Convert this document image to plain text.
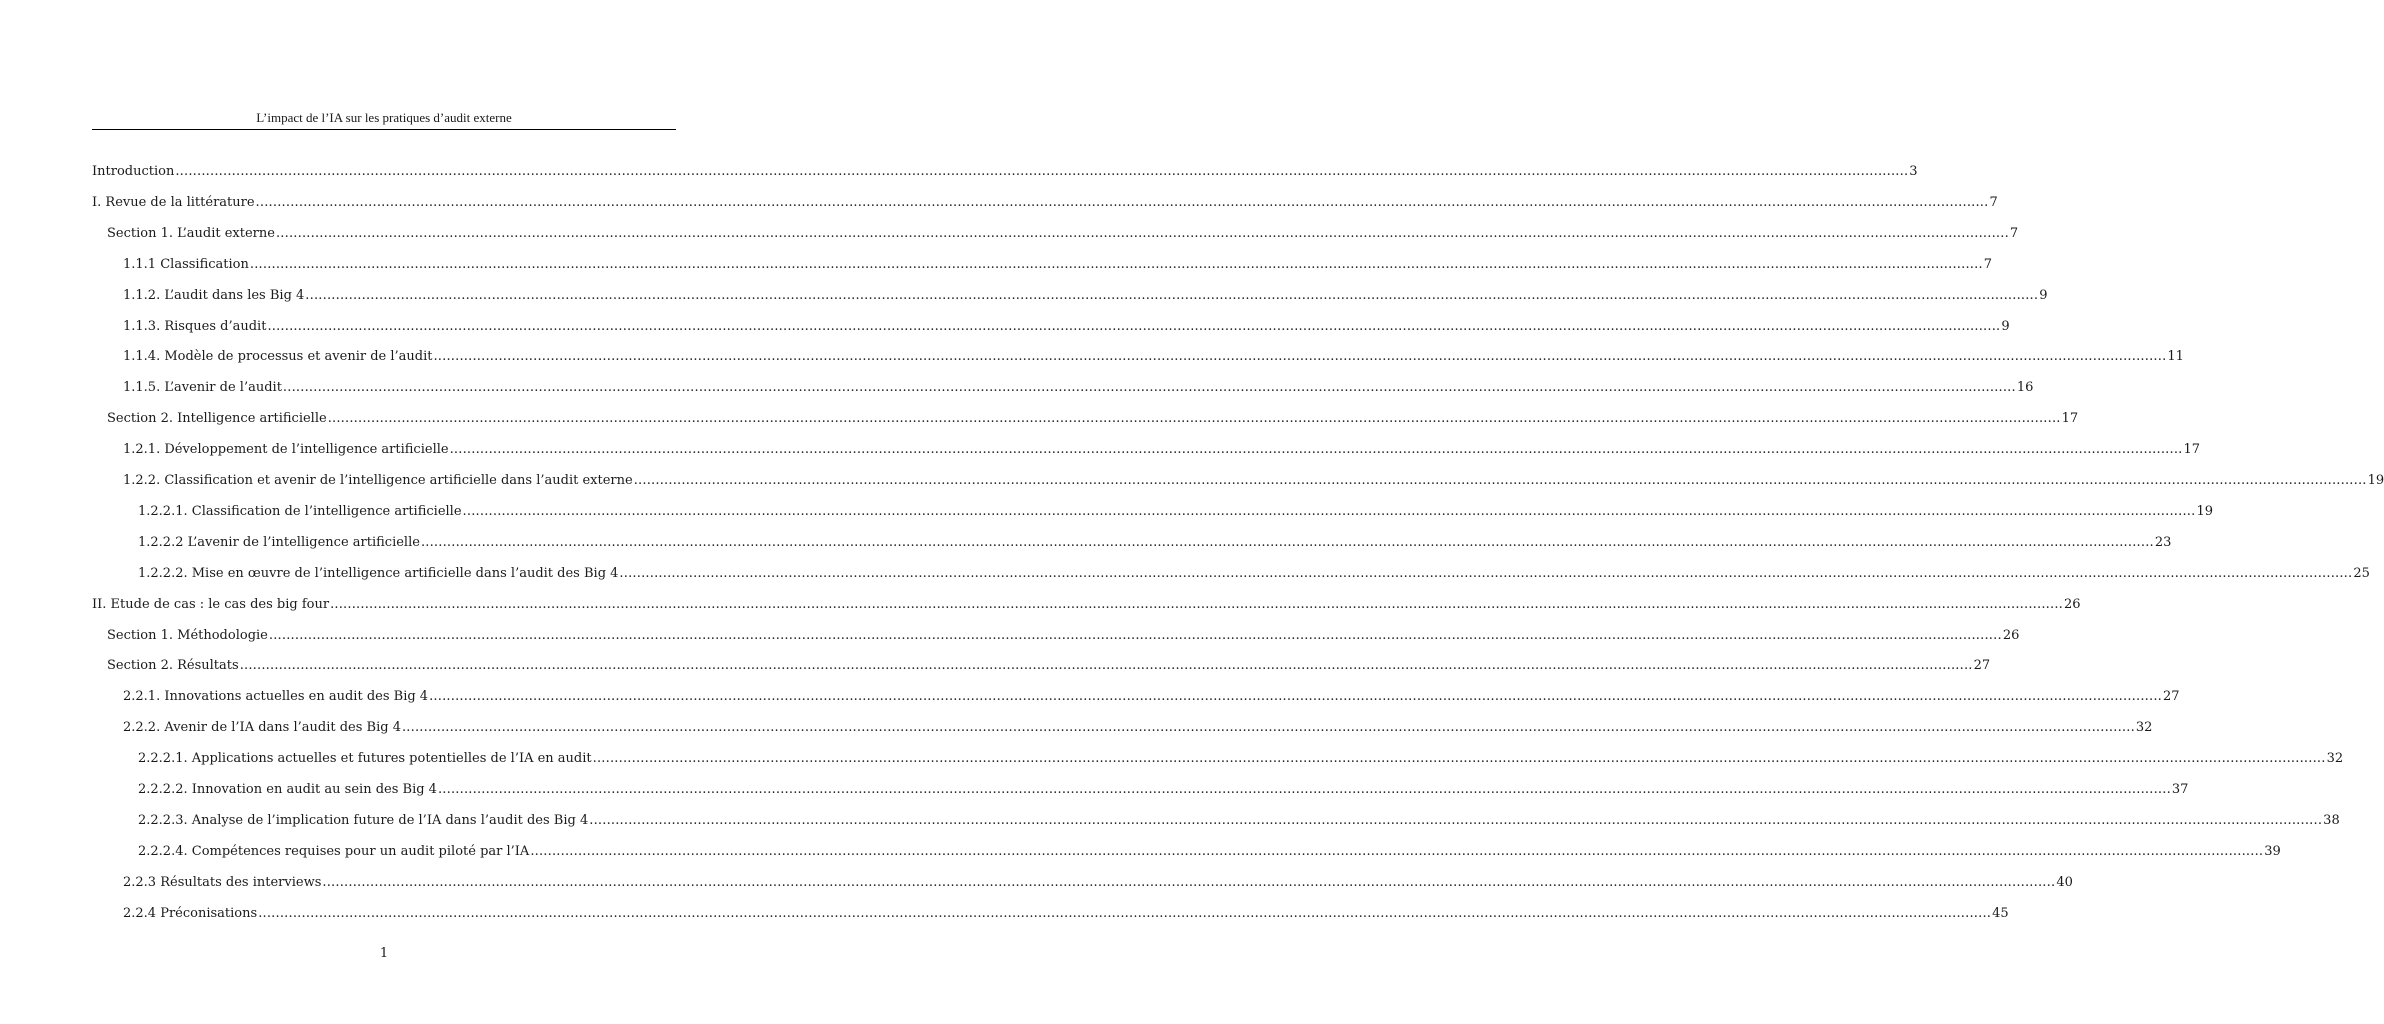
L’impact de l’IA sur les pratiques d’audit externe
Introduction ................................................................................................................................................................................................................................................................................................................................................................................................................ 3
I. Revue de la littérature ................................................................................................................................................................................................................................................................................................................................................................................................................ 7
Section 1. L’audit externe ................................................................................................................................................................................................................................................................................................................................................................................................................ 7
1.1.1 Classification ................................................................................................................................................................................................................................................................................................................................................................................................................ 7
1.1.2. L’audit dans les Big 4 ................................................................................................................................................................................................................................................................................................................................................................................................................ 9
1.1.3. Risques d’audit ................................................................................................................................................................................................................................................................................................................................................................................................................ 9
1.1.4. Modèle de processus et avenir de l’audit ................................................................................................................................................................................................................................................................................................................................................................................................................ 11
1.1.5. L’avenir de l’audit ................................................................................................................................................................................................................................................................................................................................................................................................................ 16
Section 2. Intelligence artificielle ................................................................................................................................................................................................................................................................................................................................................................................................................ 17
1.2.1. Développement de l’intelligence artificielle ................................................................................................................................................................................................................................................................................................................................................................................................................ 17
1.2.2. Classification et avenir de l’intelligence artificielle dans l’audit externe ................................................................................................................................................................................................................................................................................................................................................................................................................ 19
1.2.2.1. Classification de l’intelligence artificielle ................................................................................................................................................................................................................................................................................................................................................................................................................ 19
1.2.2.2 L’avenir de l’intelligence artificielle ................................................................................................................................................................................................................................................................................................................................................................................................................ 23
1.2.2.2. Mise en œuvre de l’intelligence artificielle dans l’audit des Big 4 ................................................................................................................................................................................................................................................................................................................................................................................................................ 25
II. Etude de cas : le cas des big four ................................................................................................................................................................................................................................................................................................................................................................................................................ 26
Section 1. Méthodologie ................................................................................................................................................................................................................................................................................................................................................................................................................ 26
Section 2. Résultats ................................................................................................................................................................................................................................................................................................................................................................................................................ 27
2.2.1. Innovations actuelles en audit des Big 4 ................................................................................................................................................................................................................................................................................................................................................................................................................ 27
2.2.2. Avenir de l’IA dans l’audit des Big 4 ................................................................................................................................................................................................................................................................................................................................................................................................................ 32
2.2.2.1. Applications actuelles et futures potentielles de l’IA en audit ................................................................................................................................................................................................................................................................................................................................................................................................................ 32
2.2.2.2. Innovation en audit au sein des Big 4 ................................................................................................................................................................................................................................................................................................................................................................................................................ 37
2.2.2.3. Analyse de l’implication future de l’IA dans l’audit des Big 4 ................................................................................................................................................................................................................................................................................................................................................................................................................ 38
2.2.2.4. Compétences requises pour un audit piloté par l’IA ................................................................................................................................................................................................................................................................................................................................................................................................................ 39
2.2.3 Résultats des interviews ................................................................................................................................................................................................................................................................................................................................................................................................................ 40
2.2.4 Préconisations ................................................................................................................................................................................................................................................................................................................................................................................................................ 45
1
